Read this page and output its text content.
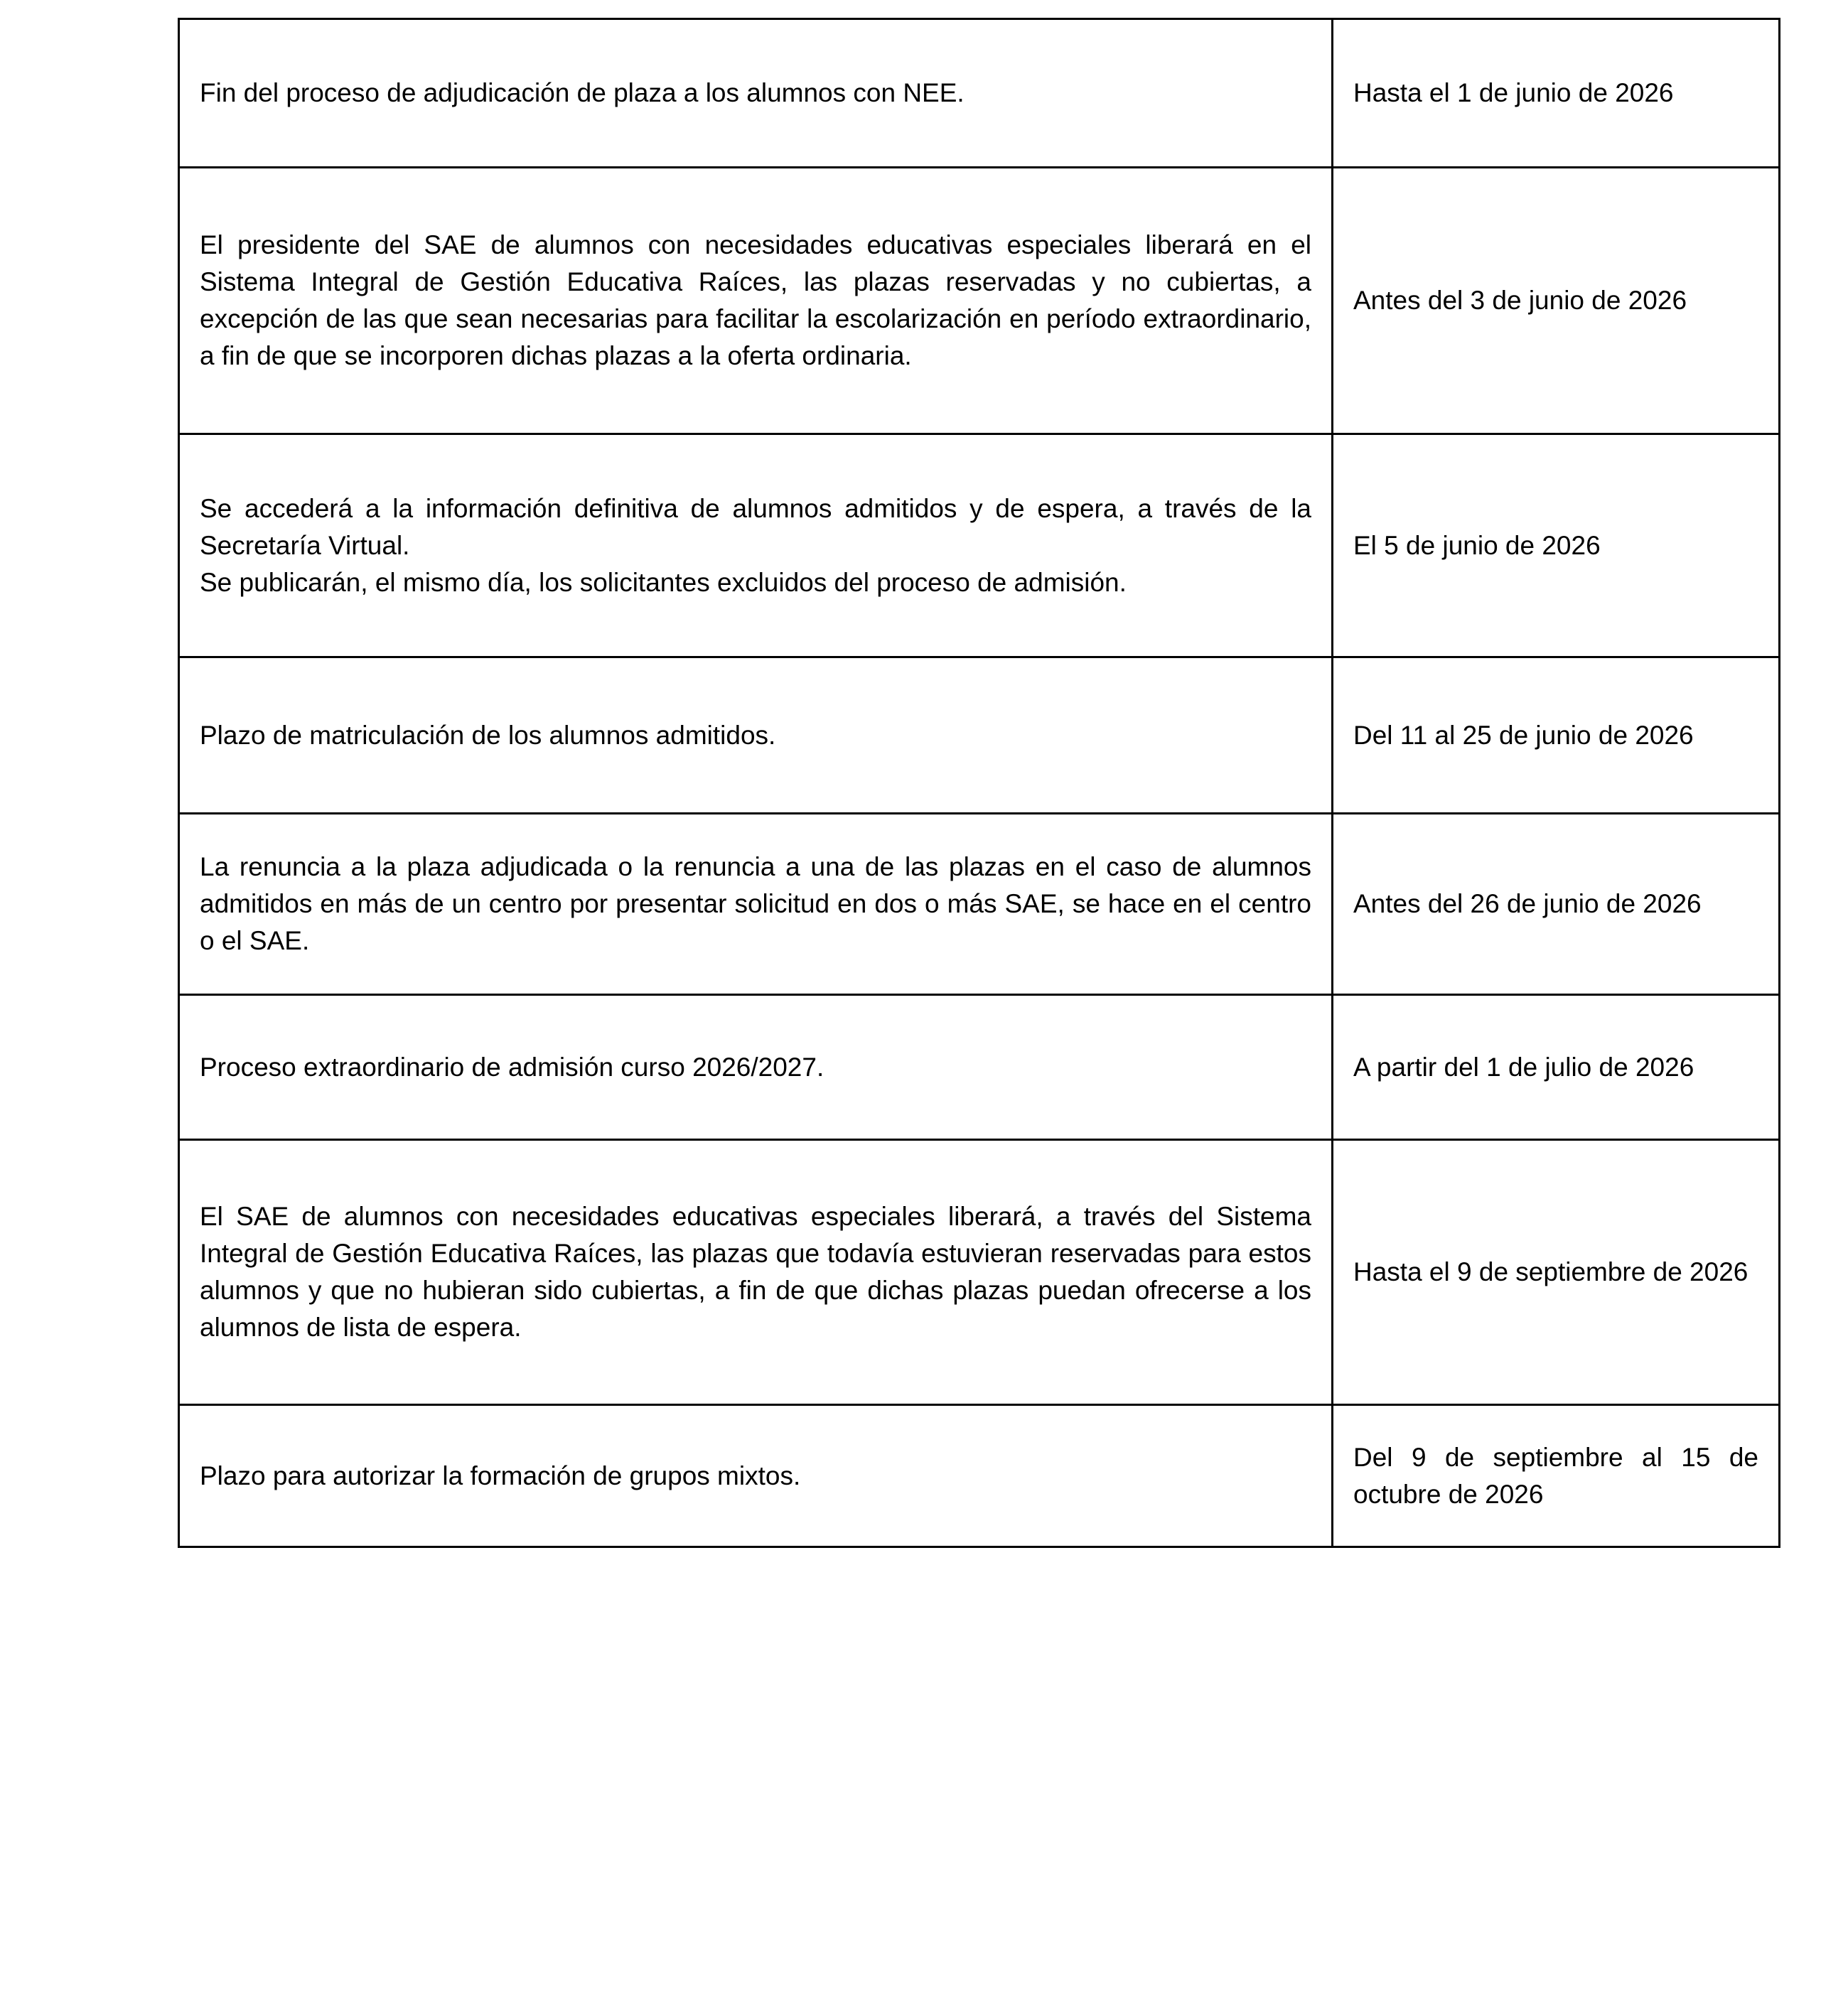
Fin del proceso de adjudicación de plaza a los alumnos con NEE.	Hasta el 1 de junio de 2026
El presidente del SAE de alumnos con necesidades educativas especiales liberará en el Sistema Integral de Gestión Educativa Raíces, las plazas reservadas y no cubiertas, a excepción de las que sean necesarias para facilitar la escolarización en período extraordinario, a fin de que se incorporen dichas plazas a la oferta ordinaria.	Antes del 3 de junio de 2026
Se accederá a la información definitiva de alumnos admitidos y de espera, a través de la Secretaría Virtual.
Se publicarán, el mismo día, los solicitantes excluidos del proceso de admisión.	El 5 de junio de 2026
Plazo de matriculación de los alumnos admitidos.	Del 11 al 25 de junio de 2026
La renuncia a la plaza adjudicada o la renuncia a una de las plazas en el caso de alumnos admitidos en más de un centro por presentar solicitud en dos o más SAE, se hace en el centro o el SAE.	Antes del 26 de junio de 2026
Proceso extraordinario de admisión curso 2026/2027.	A partir del 1 de julio de 2026
El SAE de alumnos con necesidades educativas especiales liberará, a través del Sistema Integral de Gestión Educativa Raíces, las plazas que todavía estuvieran reservadas para estos alumnos y que no hubieran sido cubiertas, a fin de que dichas plazas puedan ofrecerse a los alumnos de lista de espera.	Hasta el 9 de septiembre de 2026
Plazo para autorizar la formación de grupos mixtos.	Del 9 de septiembre al 15 de octubre de 2026
